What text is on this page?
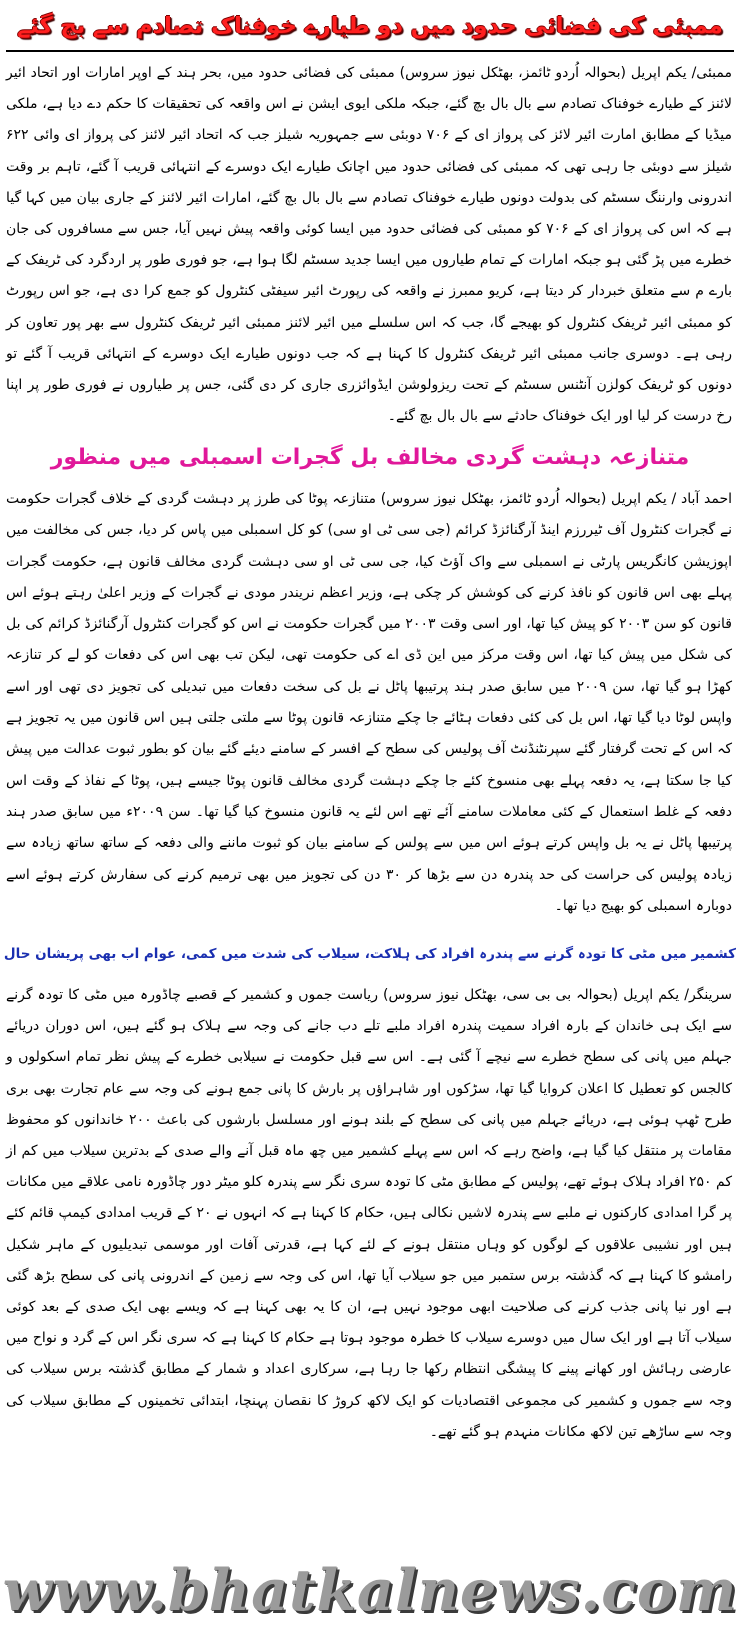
ممبئی کی فضائی حدود میں دو طیارے خوفناک تصادم سے بچ گئے

ممبئی/ یکم اپریل (بحوالہ اُردو ٹائمز، بھٹکل نیوز سروس) ممبئی کی فضائی حدود میں، بحر ہند کے اوپر امارات اور اتحاد ائیر لائنز کے طیارے خوفناک تصادم سے بال بال بچ گئے، جبکہ ملکی ایوی ایشن نے اس واقعہ کی تحقیقات کا حکم دے دیا ہے، ملکی میڈیا کے مطابق امارت ائیر لائز کی پرواز ای کے ۷۰۶ دوبئی سے جمہوریہ شیلز جب کہ اتحاد ائیر لائنز کی پرواز ای وائی ۶۲۲ شیلز سے دوبئی جا رہی تھی کہ ممبئی کی فضائی حدود میں اچانک طیارے ایک دوسرے کے انتہائی قریب آ گئے، تاہم بر وقت اندرونی وارننگ سسٹم کی بدولت دونوں طیارے خوفناک تصادم سے بال بال بچ گئے، امارات ائیر لائنز کے جاری بیان میں کہا گیا ہے کہ اس کی پرواز ای کے ۷۰۶ کو ممبئی کی فضائی حدود میں ایسا کوئی واقعہ پیش نہیں آیا، جس سے مسافروں کی جان خطرے میں پڑ گئی ہو جبکہ امارات کے تمام طیاروں میں ایسا جدید سسٹم لگا ہوا ہے، جو فوری طور پر اردگرد کی ٹریفک کے بارے م سے متعلق خبردار کر دیتا ہے، کریو ممبرز نے واقعہ کی رپورٹ ائیر سیفٹی کنٹرول کو جمع کرا دی ہے، جو اس رپورٹ کو ممبئی ائیر ٹریفک کنٹرول کو بھیجے گا، جب کہ اس سلسلے میں ائیر لائنز ممبئی ائیر ٹریفک کنٹرول سے بھر پور تعاون کر رہی ہے۔ دوسری جانب ممبئی ائیر ٹریفک کنٹرول کا کہنا ہے کہ جب دونوں طیارے ایک دوسرے کے انتہائی قریب آ گئے تو دونوں کو ٹریفک کولزن آنٹنس سسٹم کے تحت ریزولوشن ایڈوائزری جاری کر دی گئی، جس پر طیاروں نے فوری طور پر اپنا رخ درست کر لیا اور ایک خوفناک حادثے سے بال بال بچ گئے۔

متنازعہ دہشت گردی مخالف بل گجرات اسمبلی میں منظور

احمد آباد / یکم اپریل (بحوالہ اُردو ٹائمز، بھٹکل نیوز سروس) متنازعہ پوٹا کی طرز پر دہشت گردی کے خلاف گجرات حکومت نے گجرات کنٹرول آف ٹیررزم اینڈ آرگنائزڈ کرائم (جی سی ٹی او سی) کو کل اسمبلی میں پاس کر دیا، جس کی مخالفت میں اپوزیشن کانگریس پارٹی نے اسمبلی سے واک آؤٹ کیا، جی سی ٹی او سی دہشت گردی مخالف قانون ہے، حکومت گجرات پہلے بھی اس قانون کو نافذ کرنے کی کوشش کر چکی ہے، وزیر اعظم نریندر مودی نے گجرات کے وزیر اعلیٰ رہتے ہوئے اس قانون کو سن ۲۰۰۳ کو پیش کیا تھا، اور اسی وقت ۲۰۰۳ میں گجرات حکومت نے اس کو گجرات کنٹرول آرگنائزڈ کرائم کی بل کی شکل میں پیش کیا تھا، اس وقت مرکز میں این ڈی اے کی حکومت تھی، لیکن تب بھی اس کی دفعات کو لے کر تنازعہ کھڑا ہو گیا تھا، سن ۲۰۰۹ میں سابق صدر ہند پرتیبھا پاٹل نے بل کی سخت دفعات میں تبدیلی کی تجویز دی تھی اور اسے واپس لوٹا دیا گیا تھا، اس بل کی کئی دفعات ہٹائے جا چکے متنازعہ قانون پوٹا سے ملتی جلتی ہیں اس قانون میں یہ تجویز ہے کہ اس کے تحت گرفتار گئے سپرنٹنڈنٹ آف پولیس کی سطح کے افسر کے سامنے دیئے گئے بیان کو بطور ثبوت عدالت میں پیش کیا جا سکتا ہے، یہ دفعہ پہلے بھی منسوخ کئے جا چکے دہشت گردی مخالف قانون پوٹا جیسے ہیں، پوٹا کے نفاذ کے وقت اس دفعہ کے غلط استعمال کے کئی معاملات سامنے آئے تھے اس لئے یہ قانون منسوخ کیا گیا تھا۔ سن ۲۰۰۹ء میں سابق صدر ہند پرتیبھا پاٹل نے یہ بل واپس کرتے ہوئے اس میں سے پولس کے سامنے بیان کو ثبوت ماننے والی دفعہ کے ساتھ ساتھ زیادہ سے زیادہ پولیس کی حراست کی حد پندرہ دن سے بڑھا کر ۳۰ دن کی تجویز میں بھی ترمیم کرنے کی سفارش کرتے ہوئے اسے دوبارہ اسمبلی کو بھیج دیا تھا۔

کشمیر میں مٹی کا تودہ گرنے سے پندرہ افراد کی ہلاکت، سیلاب کی شدت میں کمی، عوام اب بھی پریشان حال

سرینگر/ یکم اپریل (بحوالہ بی بی سی، بھٹکل نیوز سروس) ریاست جموں و کشمیر کے قصبے چاڈورہ میں مٹی کا تودہ گرنے سے ایک ہی خاندان کے بارہ افراد سمیت پندرہ افراد ملبے تلے دب جانے کی وجہ سے ہلاک ہو گئے ہیں، اس دوران دریائے جہلم میں پانی کی سطح خطرے سے نیچے آ گئی ہے۔ اس سے قبل حکومت نے سیلابی خطرے کے پیش نظر تمام اسکولوں و کالجس کو تعطیل کا اعلان کروایا گیا تھا، سڑکوں اور شاہراؤں پر بارش کا پانی جمع ہونے کی وجہ سے عام تجارت بھی بری طرح ٹھپ ہوئی ہے، دریائے جہلم میں پانی کی سطح کے بلند ہونے اور مسلسل بارشوں کی باعث ۲۰۰ خاندانوں کو محفوظ مقامات پر منتقل کیا گیا ہے، واضح رہے کہ اس سے پہلے کشمیر میں چھ ماہ قبل آنے والے صدی کے بدترین سیلاب میں کم از کم ۲۵۰ افراد ہلاک ہوئے تھے، پولیس کے مطابق مٹی کا تودہ سری نگر سے پندرہ کلو میٹر دور چاڈورہ نامی علاقے میں مکانات پر گرا امدادی کارکنوں نے ملبے سے پندرہ لاشیں نکالی ہیں، حکام کا کہنا ہے کہ انہوں نے ۲۰ کے قریب امدادی کیمپ قائم کئے ہیں اور نشیبی علاقوں کے لوگوں کو وہاں منتقل ہونے کے لئے کہا ہے، قدرتی آفات اور موسمی تبدیلیوں کے ماہر شکیل رامشو کا کہنا ہے کہ گذشتہ برس ستمبر میں جو سیلاب آیا تھا، اس کی وجہ سے زمین کے اندرونی پانی کی سطح بڑھ گئی ہے اور نیا پانی جذب کرنے کی صلاحیت ابھی موجود نہیں ہے، ان کا یہ بھی کہنا ہے کہ ویسے بھی ایک صدی کے بعد کوئی سیلاب آتا ہے اور ایک سال میں دوسرے سیلاب کا خطرہ موجود ہوتا ہے حکام کا کہنا ہے کہ سری نگر اس کے گرد و نواح میں عارضی رہائش اور کھانے پینے کا پیشگی انتظام رکھا جا رہا ہے، سرکاری اعداد و شمار کے مطابق گذشتہ برس سیلاب کی وجہ سے جموں و کشمیر کی مجموعی اقتصادیات کو ایک لاکھ کروڑ کا نقصان پہنچا، ابتدائی تخمینوں کے مطابق سیلاب کی وجہ سے ساڑھے تین لاکھ مکانات منہدم ہو گئے تھے۔

www.bhatkalnews.com
